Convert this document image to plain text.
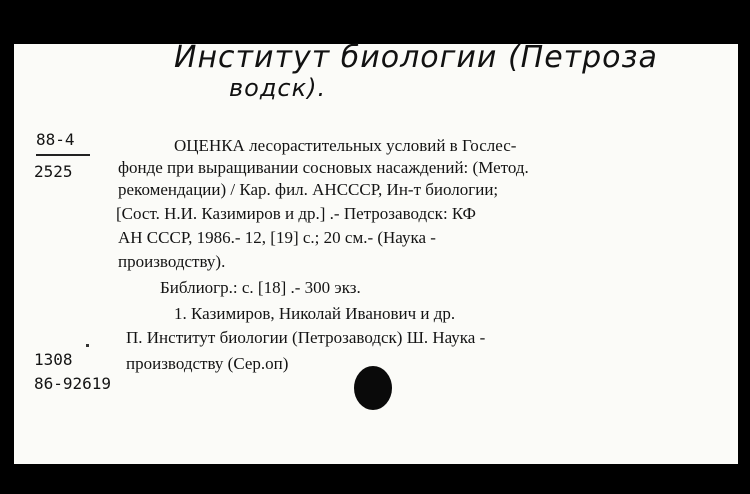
Институт биологии (Петроза
водск).
88-4
2525
ОЦЕНКА лесорастительных условий в Гослес-
фонде при выращивании сосновых насаждений: (Метод.
рекомендации) / Кар. фил. АНСССР, Ин-т биологии;
[Сост. Н.И. Казимиров и др.] .- Петрозаводск: КФ
АН СССР, 1986.- 12, [19] с.; 20 см.- (Наука -
производству).
Библиогр.: с. [18] .- 300 экз.
1. Казимиров, Николай Иванович и др.
П. Институт биологии (Петрозаводск) Ш. Наука -
производству (Сер.оп)
1308
86-92619
